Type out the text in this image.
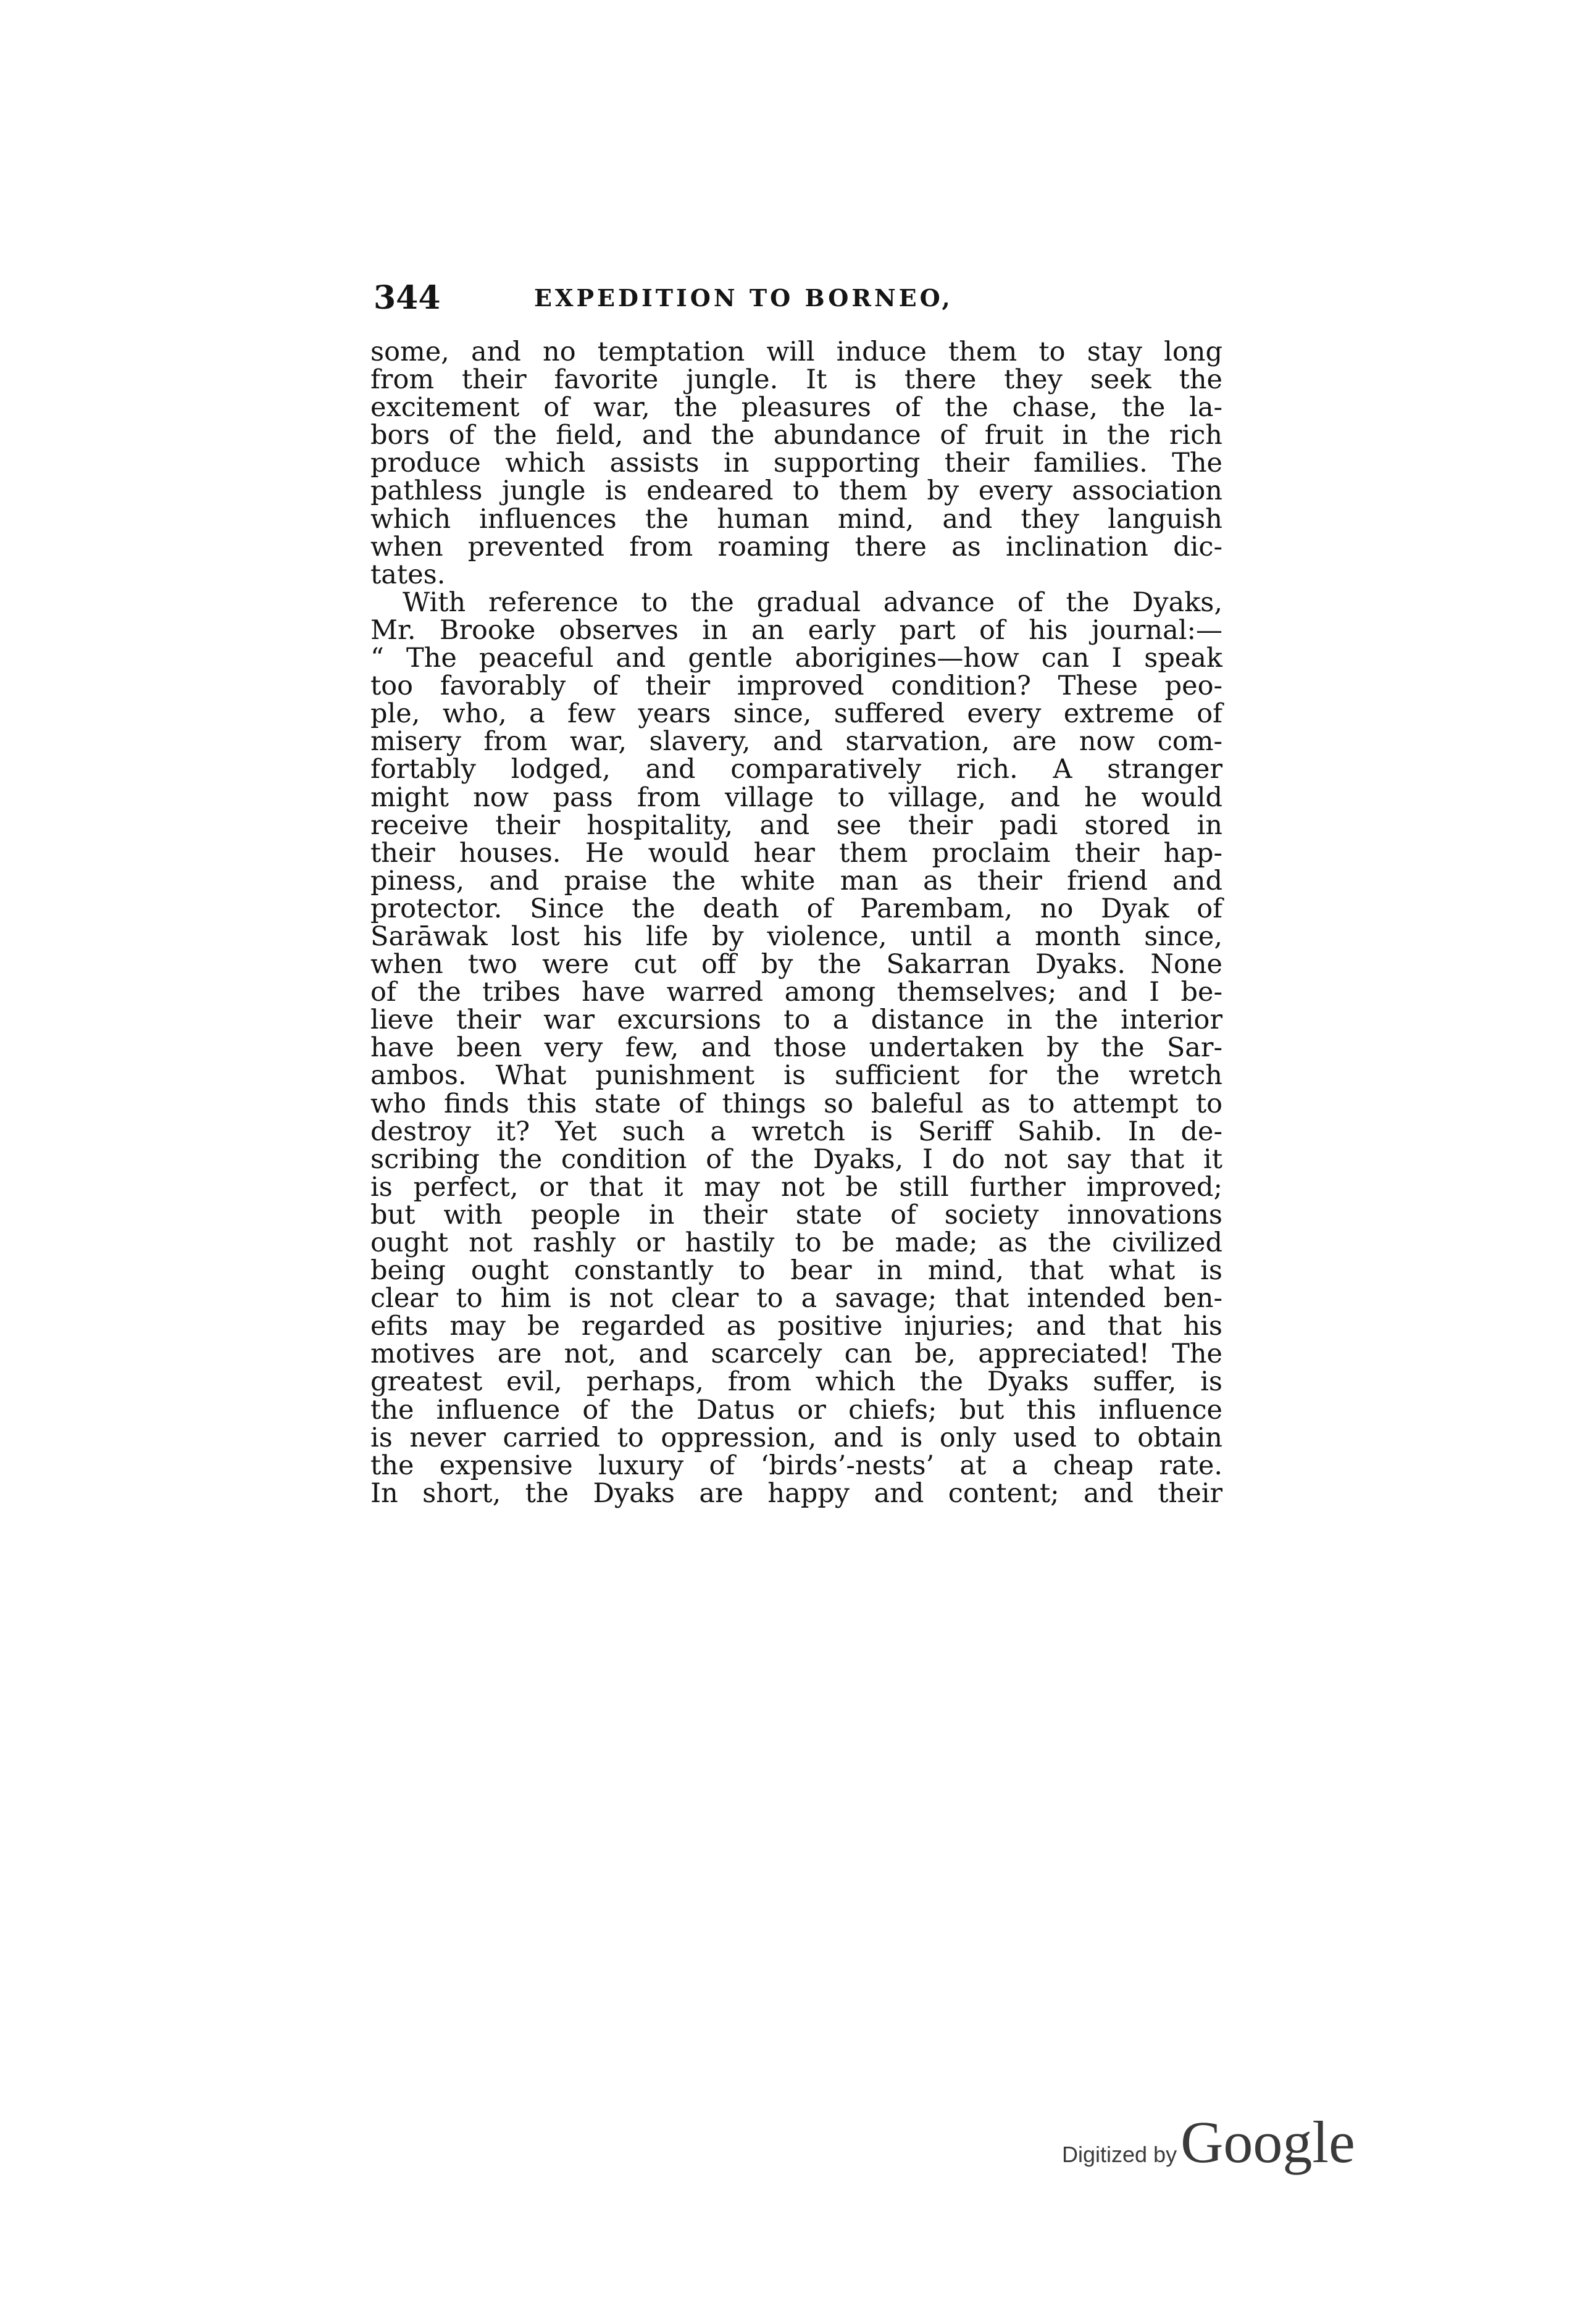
344	EXPEDITION TO BORNEO,
some, and no temptation will induce them to stay long
from their favorite jungle. It is there they seek the
excitement of war, the pleasures of the chase, the la-
bors of the field, and the abundance of fruit in the rich
produce which assists in supporting their families. The
pathless jungle is endeared to them by every association
which influences the human mind, and they languish
when prevented from roaming there as inclination dic-
tates.
With reference to the gradual advance of the Dyaks,
Mr. Brooke observes in an early part of his journal:—
“ The peaceful and gentle aborigines—how can I speak
too favorably of their improved condition? These peo-
ple, who, a few years since, suffered every extreme of
misery from war, slavery, and starvation, are now com-
fortably lodged, and comparatively rich. A stranger
might now pass from village to village, and he would
receive their hospitality, and see their padi stored in
their houses. He would hear them proclaim their hap-
piness, and praise the white man as their friend and
protector. Since the death of Parembam, no Dyak of
Sarāwak lost his life by violence, until a month since,
when two were cut off by the Sakarran Dyaks. None
of the tribes have warred among themselves; and I be-
lieve their war excursions to a distance in the interior
have been very few, and those undertaken by the Sar-
ambos. What punishment is sufficient for the wretch
who finds this state of things so baleful as to attempt to
destroy it? Yet such a wretch is Seriff Sahib. In de-
scribing the condition of the Dyaks, I do not say that it
is perfect, or that it may not be still further improved;
but with people in their state of society innovations
ought not rashly or hastily to be made; as the civilized
being ought constantly to bear in mind, that what is
clear to him is not clear to a savage; that intended ben-
efits may be regarded as positive injuries; and that his
motives are not, and scarcely can be, appreciated! The
greatest evil, perhaps, from which the Dyaks suffer, is
the influence of the Datus or chiefs; but this influence
is never carried to oppression, and is only used to obtain
the expensive luxury of ‘birds’-nests’ at a cheap rate.
In short, the Dyaks are happy and content; and their
Digitized by Google
